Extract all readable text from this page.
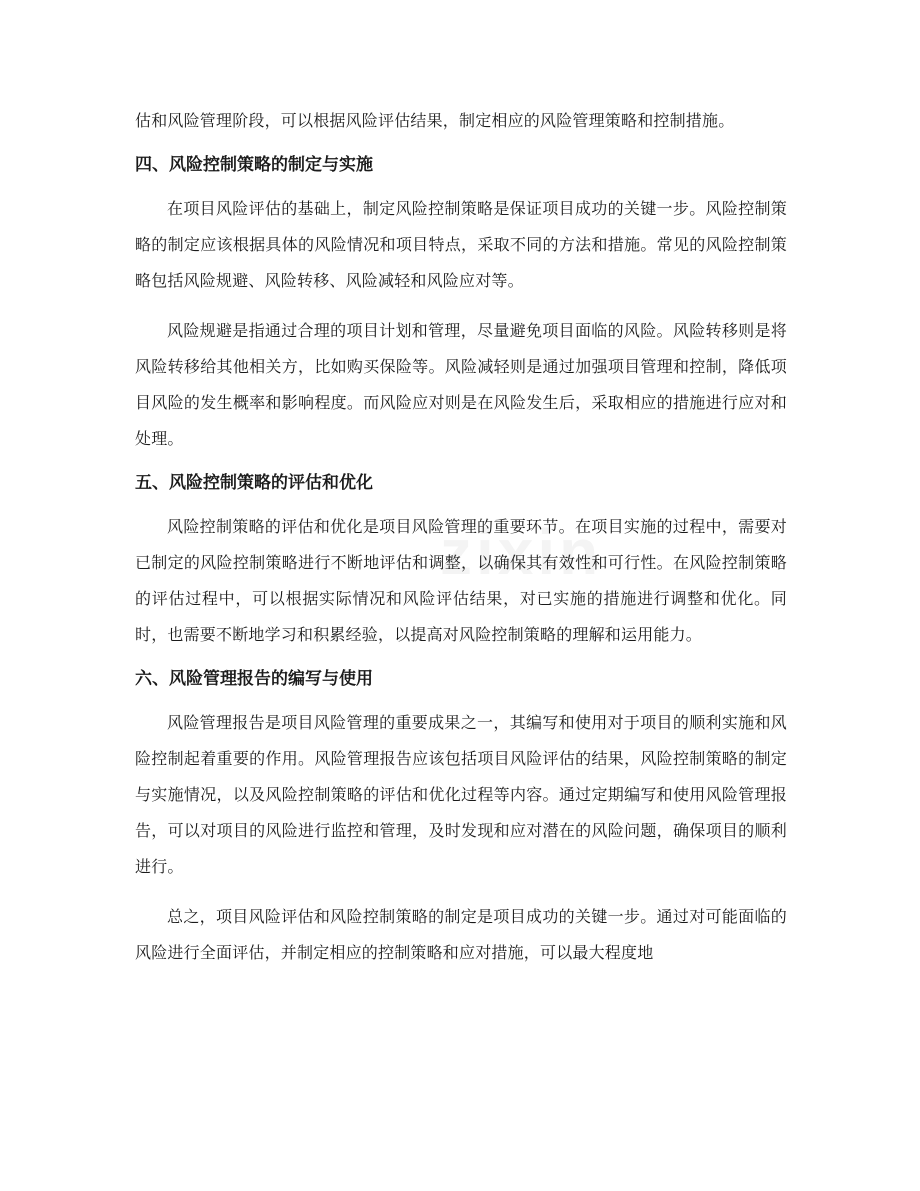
zixin

估和风险管理阶段，可以根据风险评估结果，制定相应的风险管理策略和控制措施。

四、风险控制策略的制定与实施

在项目风险评估的基础上，制定风险控制策略是保证项目成功的关键一步。风险控制策略的制定应该根据具体的风险情况和项目特点，采取不同的方法和措施。常见的风险控制策略包括风险规避、风险转移、风险减轻和风险应对等。

风险规避是指通过合理的项目计划和管理，尽量避免项目面临的风险。风险转移则是将风险转移给其他相关方，比如购买保险等。风险减轻则是通过加强项目管理和控制，降低项目风险的发生概率和影响程度。而风险应对则是在风险发生后，采取相应的措施进行应对和处理。

五、风险控制策略的评估和优化

风险控制策略的评估和优化是项目风险管理的重要环节。在项目实施的过程中，需要对已制定的风险控制策略进行不断地评估和调整，以确保其有效性和可行性。在风险控制策略的评估过程中，可以根据实际情况和风险评估结果，对已实施的措施进行调整和优化。同时，也需要不断地学习和积累经验，以提高对风险控制策略的理解和运用能力。

六、风险管理报告的编写与使用

风险管理报告是项目风险管理的重要成果之一，其编写和使用对于项目的顺利实施和风险控制起着重要的作用。风险管理报告应该包括项目风险评估的结果，风险控制策略的制定与实施情况，以及风险控制策略的评估和优化过程等内容。通过定期编写和使用风险管理报告，可以对项目的风险进行监控和管理，及时发现和应对潜在的风险问题，确保项目的顺利进行。

总之，项目风险评估和风险控制策略的制定是项目成功的关键一步。通过对可能面临的风险进行全面评估，并制定相应的控制策略和应对措施，可以最大程度地
